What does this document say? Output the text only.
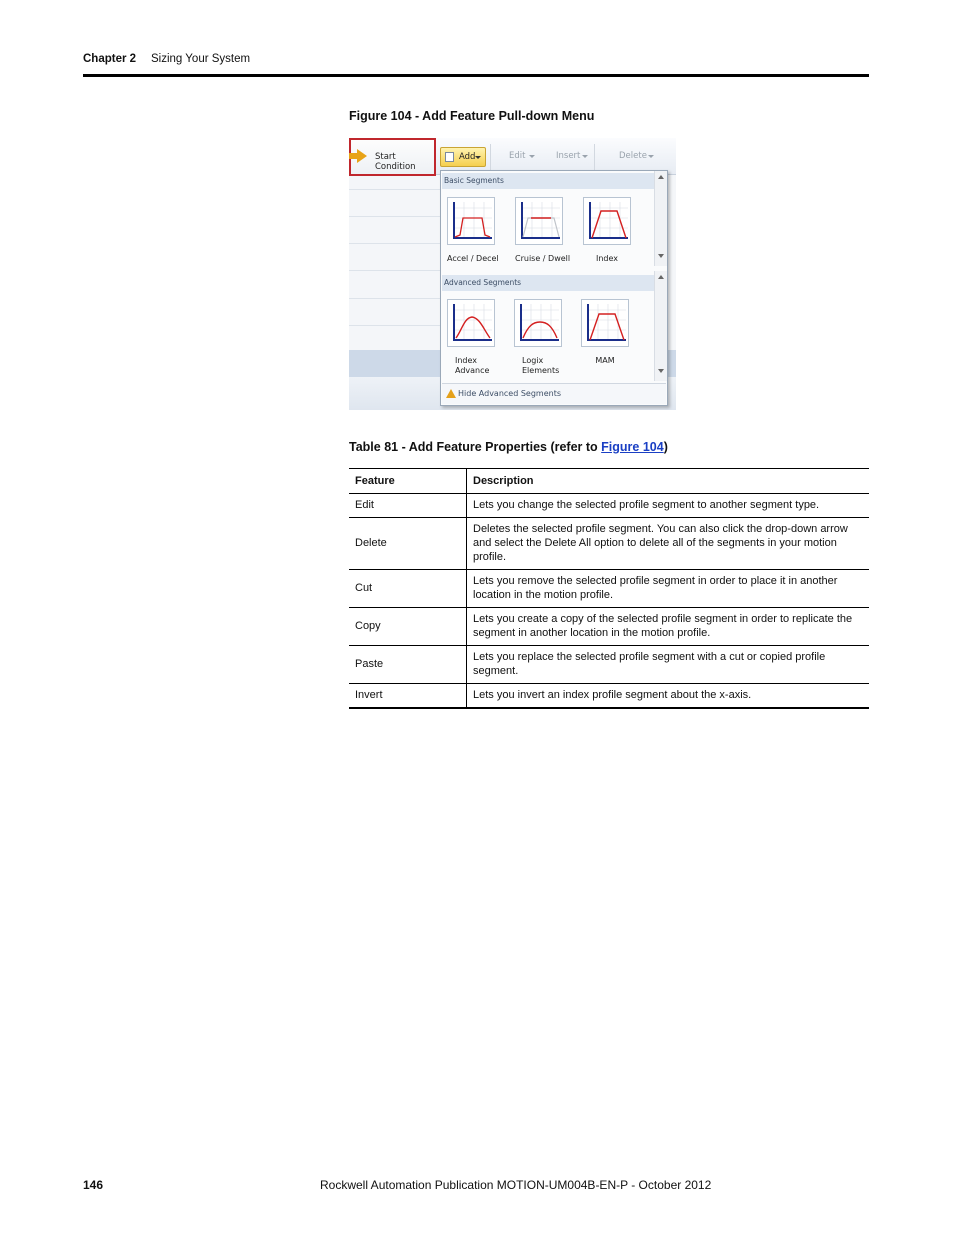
Chapter 2 Sizing Your System
Figure 104 - Add Feature Pull-down Menu
Start Condition
Add	Edit	Insert	Delete
Basic Segments
Accel / Decel Cruise / Dwell	Index
Advanced Segments
Index
Advance
Logix
Elements
MAM
Hide Advanced Segments
Table 81 - Add Feature Properties (refer to Figure 104)
Feature	Description
Edit	Lets you change the selected profile segment to another segment type.
Delete	Deletes the selected profile segment. You can also click the drop-down arrow and select the Delete All option to delete all of the segments in your motion profile.
Cut	Lets you remove the selected profile segment in order to place it in another location in the motion profile.
Copy	Lets you create a copy of the selected profile segment in order to replicate the segment in another location in the motion profile.
Paste	Lets you replace the selected profile segment with a cut or copied profile segment.
Invert	Lets you invert an index profile segment about the x-axis.
146	Rockwell Automation Publication MOTION-UM004B-EN-P - October 2012
